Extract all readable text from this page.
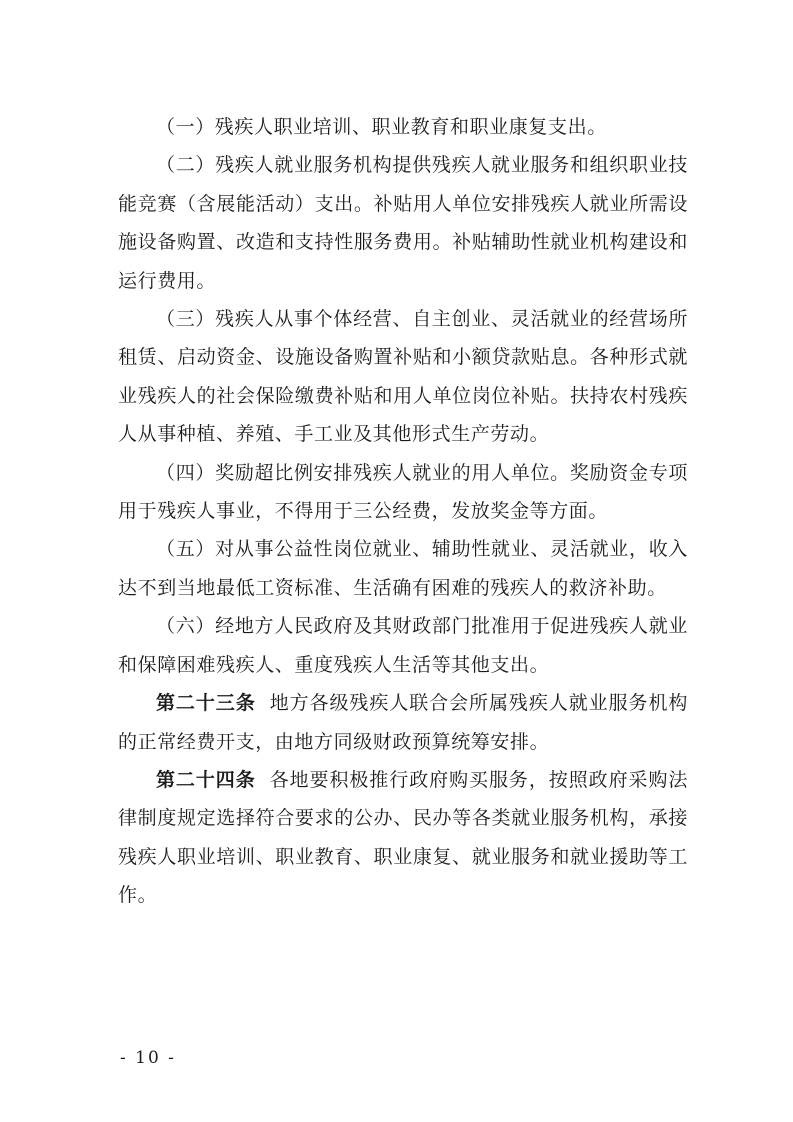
（一）残疾人职业培训、职业教育和职业康复支出。

（二）残疾人就业服务机构提供残疾人就业服务和组织职业技能竞赛（含展能活动）支出。补贴用人单位安排残疾人就业所需设施设备购置、改造和支持性服务费用。补贴辅助性就业机构建设和运行费用。

（三）残疾人从事个体经营、自主创业、灵活就业的经营场所租赁、启动资金、设施设备购置补贴和小额贷款贴息。各种形式就业残疾人的社会保险缴费补贴和用人单位岗位补贴。扶持农村残疾人从事种植、养殖、手工业及其他形式生产劳动。

（四）奖励超比例安排残疾人就业的用人单位。奖励资金专项用于残疾人事业，不得用于三公经费，发放奖金等方面。

（五）对从事公益性岗位就业、辅助性就业、灵活就业，收入达不到当地最低工资标准、生活确有困难的残疾人的救济补助。

（六）经地方人民政府及其财政部门批准用于促进残疾人就业和保障困难残疾人、重度残疾人生活等其他支出。

第二十三条 地方各级残疾人联合会所属残疾人就业服务机构的正常经费开支，由地方同级财政预算统筹安排。

第二十四条 各地要积极推行政府购买服务，按照政府采购法律制度规定选择符合要求的公办、民办等各类就业服务机构，承接残疾人职业培训、职业教育、职业康复、就业服务和就业援助等工作。

- 10 -
